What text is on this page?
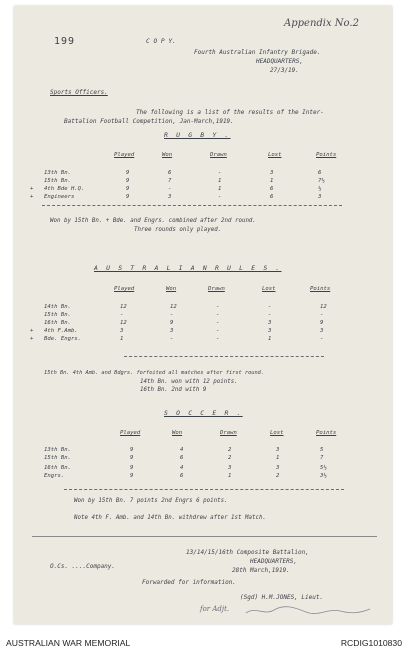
199
Appendix No.2
C O P Y.
Fourth Australian Infantry Brigade.
HEADQUARTERS,
27/3/19.
Sports Officers.
The following is a list of the results of the Inter-
Battalion Football Competition, Jan-March,1919.
R U G B Y .
Played	Won	Drawn	Lost	Points
13th Bn.	9	6	-	3	6
15th Bn.	9	7	1	1	7½
+ 4th Bde H.Q.	9	-	1	6	½
+ Engineers	9	3	-	6	3
Won by 15th Bn. + Bde. and Engrs. combined after 2nd round.
Three rounds only played.
A U S T R A L I A N R U L E S .
Played	Won	Drawn	Lost	Points
14th Bn.	12	12	-	-	12
15th Bn.	-	-	-	-	-
16th Bn.	12	9	-	3	9
+ 4th F.Amb.	3	3	-	3	3
+ Bde. Engrs.	1	-	-	1	-
15th Bn. 4th Amb. and Bdgrs. forfeited all matches after first round.
14th Bn. won with 12 points.
16th Bn. 2nd with 9
S O C C E R .
Played	Won	Drawn	Lost	Points
13th Bn.	9	4	2	3	5
15th Bn.	9	6	2	1	7
16th Bn.	9	4	3	3	5½
Engrs.	9	6	1	2	3½
Won by 15th Bn. 7 points 2nd Engrs 6 points.
Note 4th F. Amb. and 14th Bn. withdrew after 1st Match.
13/14/15/16th Composite Battalion,
HEADQUARTERS,
28th March,1919.
O.Cs. ....Company.
Forwarded for information.
(Sgd) H.M.JONES, Lieut.
for Adjt.
AUSTRALIAN WAR MEMORIAL	RCDIG1010830
